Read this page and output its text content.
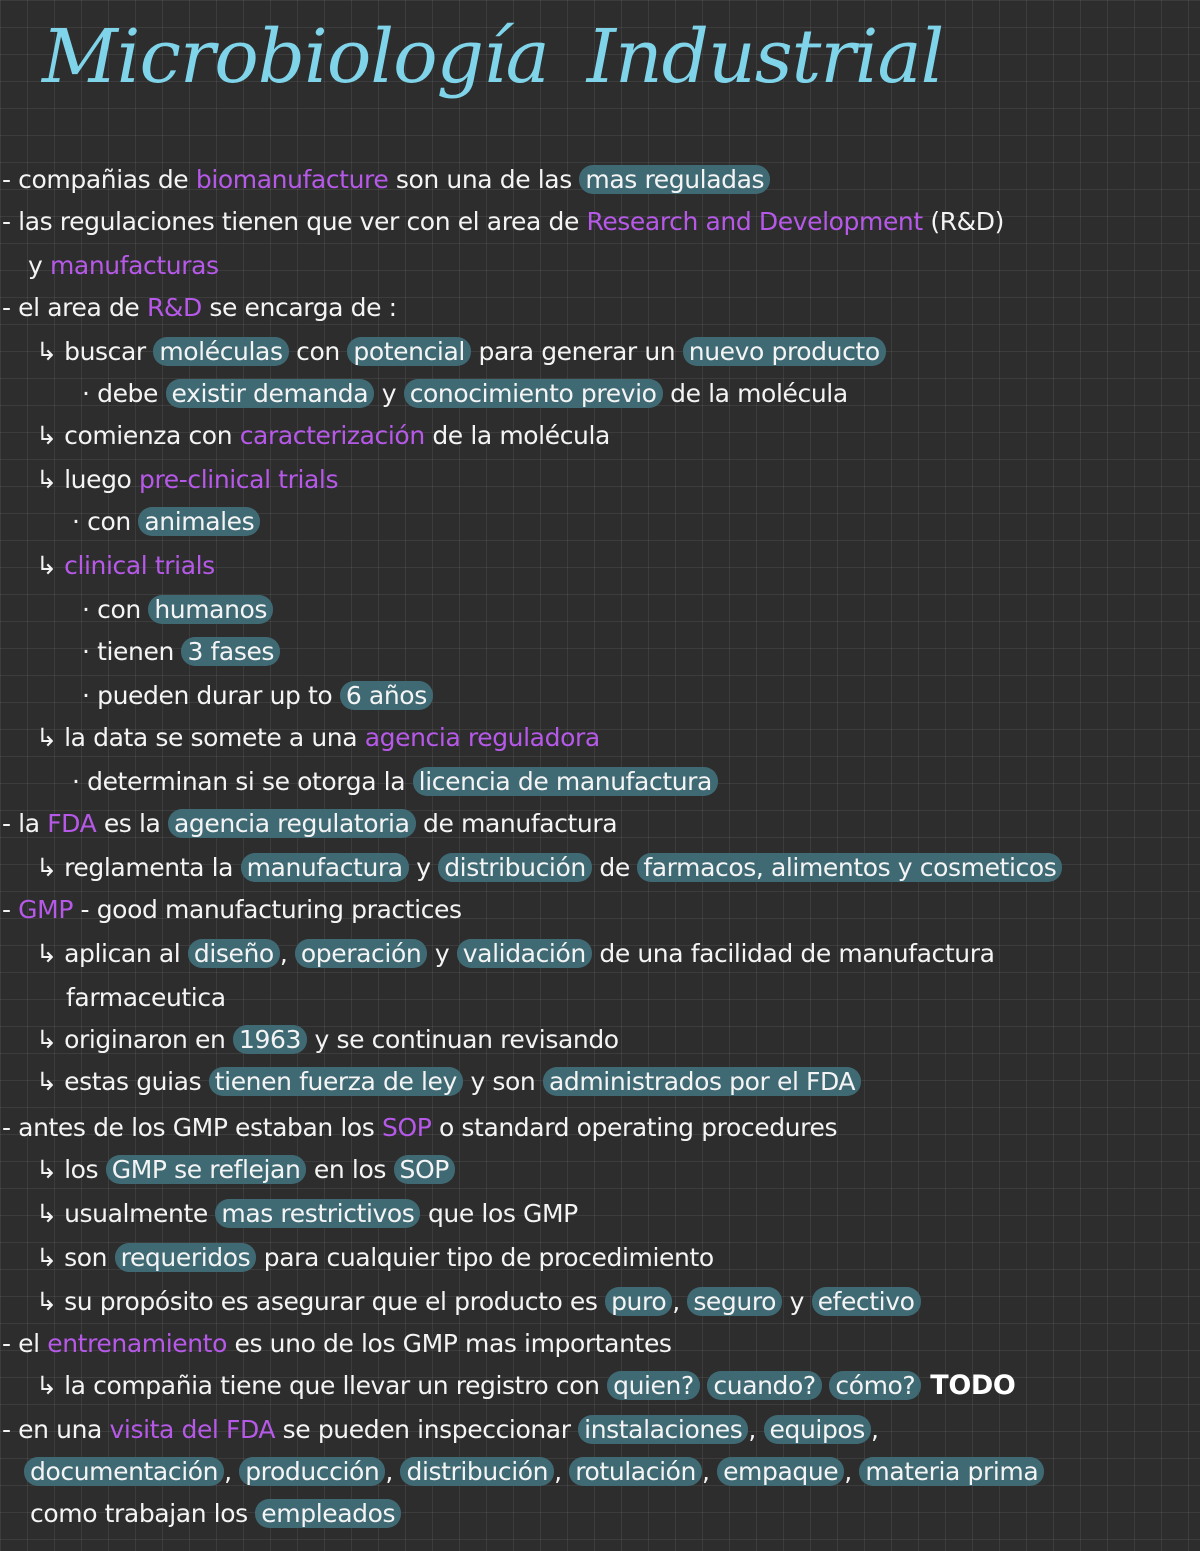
Microbiología Industrial
- compañias de biomanufacture son una de las mas reguladas
- las regulaciones tienen que ver con el area de Research and Development (R&D)
y manufacturas
- el area de R&D se encarga de :
↳ buscar moléculas con potencial para generar un nuevo producto
· debe existir demanda y conocimiento previo de la molécula
↳ comienza con caracterización de la molécula
↳ luego pre-clinical trials
· con animales
↳ clinical trials
· con humanos
· tienen 3 fases
· pueden durar up to 6 años
↳ la data se somete a una agencia reguladora
· determinan si se otorga la licencia de manufactura
- la FDA es la agencia regulatoria de manufactura
↳ reglamenta la manufactura y distribución de farmacos, alimentos y cosmeticos
- GMP - good manufacturing practices
↳ aplican al diseño , operación y validación de una facilidad de manufactura
farmaceutica
↳ originaron en 1963 y se continuan revisando
↳ estas guias tienen fuerza de ley y son administrados por el FDA
- antes de los GMP estaban los SOP o standard operating procedures
↳ los GMP se reflejan en los SOP
↳ usualmente mas restrictivos que los GMP
↳ son requeridos para cualquier tipo de procedimiento
↳ su propósito es asegurar que el producto es puro , seguro y efectivo
- el entrenamiento es uno de los GMP mas importantes
↳ la compañia tiene que llevar un registro con quien? cuando? cómo? TODO
- en una visita del FDA se pueden inspeccionar instalaciones , equipos ,
documentación , producción , distribución , rotulación , empaque , materia prima
como trabajan los empleados
